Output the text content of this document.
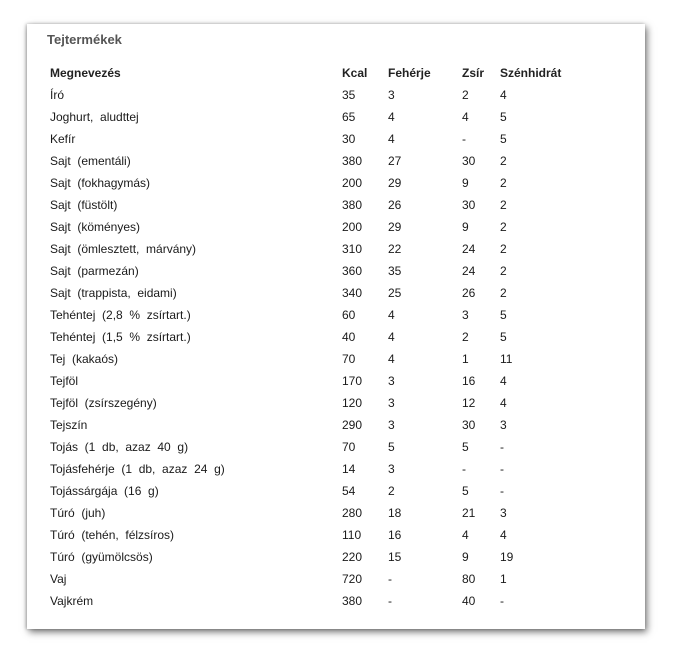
Tejtermékek
Megnevezés	Kcal	Fehérje	Zsír	Szénhidrát
Író	35	3	2	4
Joghurt,  aludttej	65	4	4	5
Kefír	30	4	-	5
Sajt  (ementáli)	380	27	30	2
Sajt  (fokhagymás)	200	29	9	2
Sajt  (füstölt)	380	26	30	2
Sajt  (köményes)	200	29	9	2
Sajt  (ömlesztett,  márvány)	310	22	24	2
Sajt  (parmezán)	360	35	24	2
Sajt  (trappista,  eidami)	340	25	26	2
Tehéntej  (2,8  %  zsírtart.)	60	4	3	5
Tehéntej  (1,5  %  zsírtart.)	40	4	2	5
Tej  (kakaós)	70	4	1	11
Tejföl	170	3	16	4
Tejföl  (zsírszegény)	120	3	12	4
Tejszín	290	3	30	3
Tojás  (1  db,  azaz  40  g)	70	5	5	-
Tojásfehérje  (1  db,  azaz  24  g)	14	3	-	-
Tojássárgája  (16  g)	54	2	5	-
Túró  (juh)	280	18	21	3
Túró  (tehén,  félzsíros)	110	16	4	4
Túró  (gyümölcsös)	220	15	9	19
Vaj	720	-	80	1
Vajkrém	380	-	40	-
